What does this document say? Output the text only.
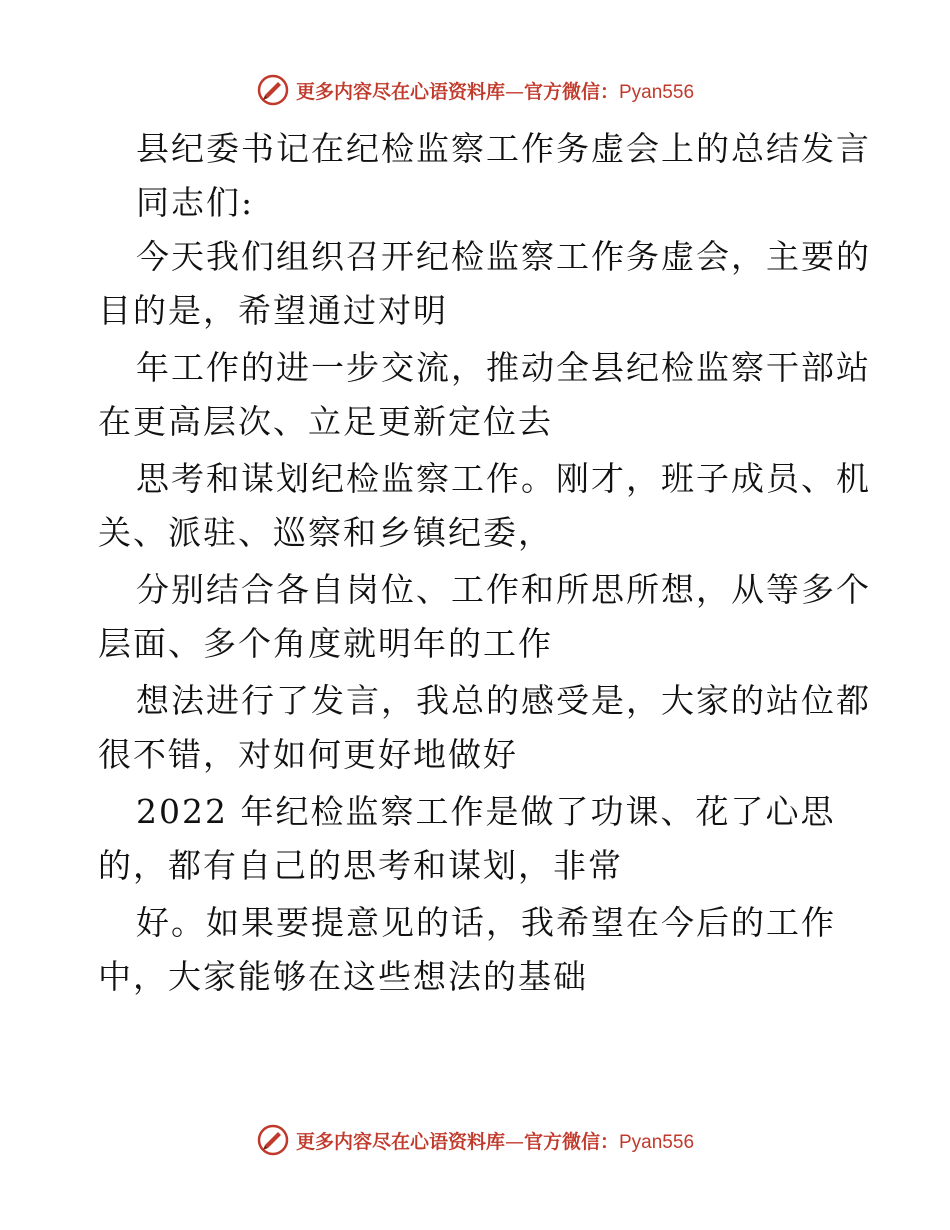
更多内容尽在心语资料库—官方微信：Pyan556
县纪委书记在纪检监察工作务虚会上的总结发言
同志们:
今天我们组织召开纪检监察工作务虚会，主要的
目的是，希望通过对明
年工作的进一步交流，推动全县纪检监察干部站
在更高层次、立足更新定位去
思考和谋划纪检监察工作。刚才，班子成员、机
关、派驻、巡察和乡镇纪委，
分别结合各自岗位、工作和所思所想，从等多个
层面、多个角度就明年的工作
想法进行了发言，我总的感受是，大家的站位都
很不错，对如何更好地做好
2022 年纪检监察工作是做了功课、花了心思
的，都有自己的思考和谋划，非常
好。如果要提意见的话，我希望在今后的工作
中，大家能够在这些想法的基础
更多内容尽在心语资料库—官方微信：Pyan556
